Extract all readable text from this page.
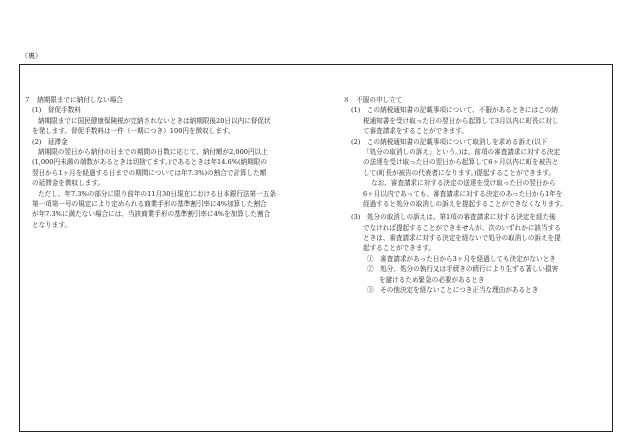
（裏）
７　納期限までに納付しない場合
(1)　督促手数料
納期限までに国民健康保険税が完納されないときは納期限後20日以内に督促状
を発します。督促手数料は一件（一期につき）100円を徴収します。
(2)　延滞金
納期限の翌日から納付の日までの期間の日数に応じて、納付額が2,000円以上
(1,000円未満の端数があるときは切捨てます。)であるときは年14.6%(納期限の
翌日から1ヶ月を経過する日までの期間については年7.3%)の割合で計算した額
の延滞金を徴収します。
ただし、年7.3%の部分に限り前年の11月30日現在における日本銀行法第一五条
第一項第一号の規定により定められる商業手形の基準割引率に4%加算した割合
が年7.3%に満たない場合には、当該商業手形の基準割引率に4%を加算した割合
となります。
８　不服の申し立て
(1)　この納税通知書の記載事項について、不服があるときにはこの納
税通知書を受け取った日の翌日から起算して3月以内に町長に対し
て審査請求をすることができます。
(2)　この納税通知書の記載事項について取消しを求める訴え(以下
「処分の取消しの訴え」という。)は、前項の審査請求に対する決定
の送達を受け取った日の翌日から起算して6ヶ月以内に町を被告と
して(町長が被告の代表者になります。)提起することができます。
なお、審査請求に対する決定の送達を受け取った日の翌日から
6ヶ月以内であっても、審査請求に対する決定のあった日から1年を
経過すると処分の取消しの訴えを提起することができなくなります。
(3)　処分の取消しの訴えは、第1項の審査請求に対する決定を経た後
でなければ提起することができませんが、次のいずれかに該当する
ときは、審査請求に対する決定を経ないで処分の取消しの訴えを提
起することができます。
①　審査請求があった日から3ヶ月を経過しても決定がないとき
②　処分、処分の執行又は手続きの続行により生ずる著しい損害
を避けるため緊急の必要があるとき
③　その他決定を経ないことにつき正当な理由があるとき
